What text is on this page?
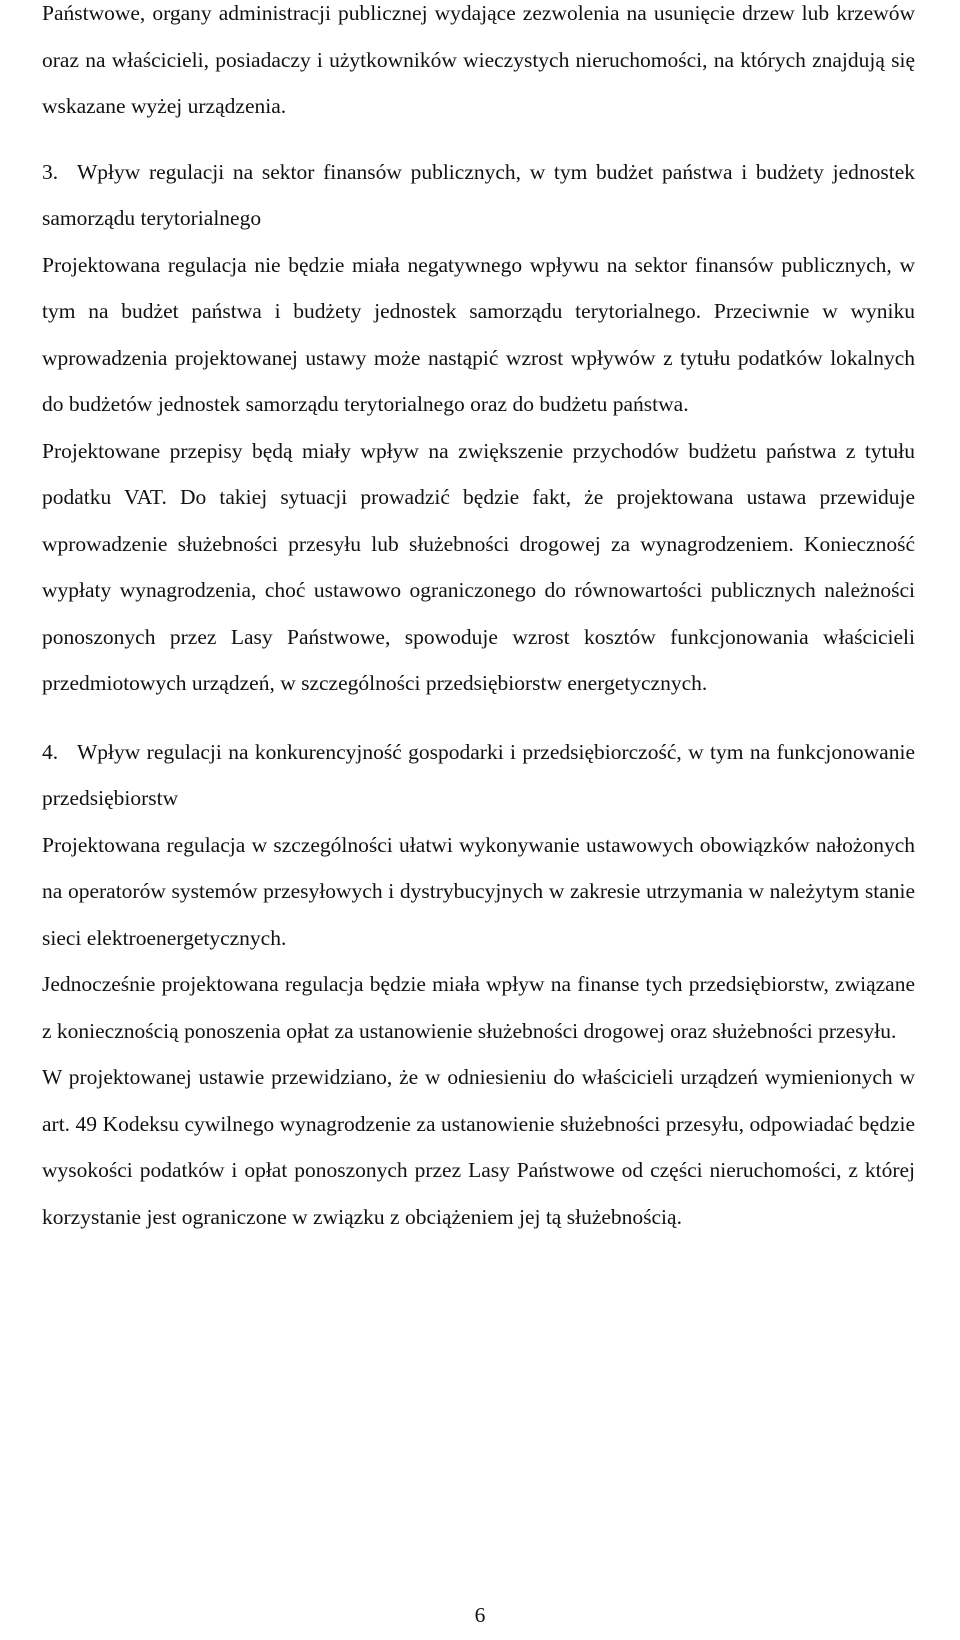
Państwowe, organy administracji publicznej wydające zezwolenia na usunięcie drzew lub krzewów oraz na właścicieli, posiadaczy i użytkowników wieczystych nieruchomości, na których znajdują się wskazane wyżej urządzenia.

3. Wpływ regulacji na sektor finansów publicznych, w tym budżet państwa i budżety jednostek samorządu terytorialnego

Projektowana regulacja nie będzie miała negatywnego wpływu na sektor finansów publicznych, w tym na budżet państwa i budżety jednostek samorządu terytorialnego. Przeciwnie w wyniku wprowadzenia projektowanej ustawy może nastąpić wzrost wpływów z tytułu podatków lokalnych do budżetów jednostek samorządu terytorialnego oraz do budżetu państwa.

Projektowane przepisy będą miały wpływ na zwiększenie przychodów budżetu państwa z tytułu podatku VAT. Do takiej sytuacji prowadzić będzie fakt, że projektowana ustawa przewiduje wprowadzenie służebności przesyłu lub służebności drogowej za wynagrodzeniem. Konieczność wypłaty wynagrodzenia, choć ustawowo ograniczonego do równowartości publicznych należności ponoszonych przez Lasy Państwowe, spowoduje wzrost kosztów funkcjonowania właścicieli przedmiotowych urządzeń, w szczególności przedsiębiorstw energetycznych.

4. Wpływ regulacji na konkurencyjność gospodarki i przedsiębiorczość, w tym na funkcjonowanie przedsiębiorstw

Projektowana regulacja w szczególności ułatwi wykonywanie ustawowych obowiązków nałożonych na operatorów systemów przesyłowych i dystrybucyjnych w zakresie utrzymania w należytym stanie sieci elektroenergetycznych.

Jednocześnie projektowana regulacja będzie miała wpływ na finanse tych przedsiębiorstw, związane z koniecznością ponoszenia opłat za ustanowienie służebności drogowej oraz służebności przesyłu.

W projektowanej ustawie przewidziano, że w odniesieniu do właścicieli urządzeń wymienionych w art. 49 Kodeksu cywilnego wynagrodzenie za ustanowienie służebności przesyłu, odpowiadać będzie wysokości podatków i opłat ponoszonych przez Lasy Państwowe od części nieruchomości, z której korzystanie jest ograniczone w związku z obciążeniem jej tą służebnością.

6
